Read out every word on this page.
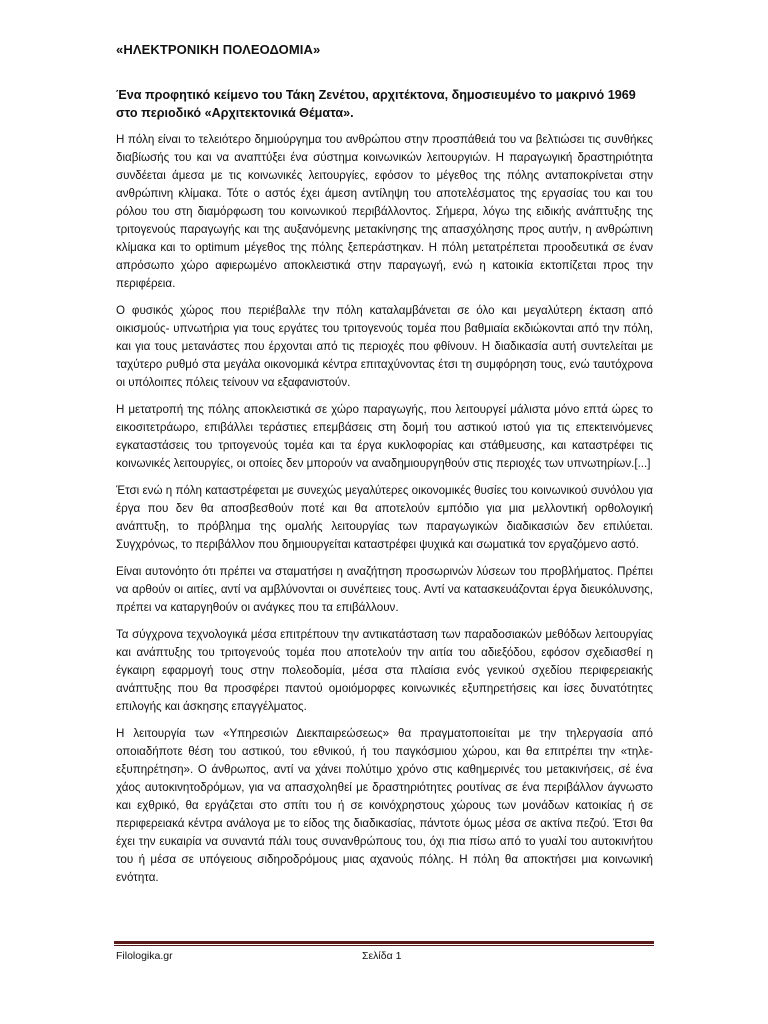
«ΗΛΕΚΤΡΟΝΙΚΗ ΠΟΛΕΟΔΟΜΙΑ»

Ένα προφητικό κείμενο του Τάκη Ζενέτου, αρχιτέκτονα, δημοσιευμένο το μακρινό 1969 στο περιοδικό «Αρχιτεκτονικά Θέματα».

Η πόλη είναι το τελειότερο δημιούργημα του ανθρώπου στην προσπάθειά του να βελτιώσει τις συνθήκες διαβίωσής του και να αναπτύξει ένα σύστημα κοινωνικών λειτουργιών. Η παραγωγική δραστηριότητα συνδέεται άμεσα με τις κοινωνικές λειτουργίες, εφόσον το μέγεθος της πόλης ανταποκρίνεται στην ανθρώπινη κλίμακα. Τότε ο αστός έχει άμεση αντίληψη του αποτελέσματος της εργασίας του και του ρόλου του στη διαμόρφωση του κοινωνικού περιβάλλοντος. Σήμερα, λόγω της ειδικής ανάπτυξης της τριτογενούς παραγωγής και της αυξανόμενης μετακίνησης της απασχόλησης προς αυτήν, η ανθρώπινη κλίμακα και το optimum μέγεθος της πόλης ξεπεράστηκαν. Η πόλη μετατρέπεται προοδευτικά σε έναν απρόσωπο χώρο αφιερωμένο αποκλειστικά στην παραγωγή, ενώ η κατοικία εκτοπίζεται προς την περιφέρεια.

Ο φυσικός χώρος που περιέβαλλε την πόλη καταλαμβάνεται σε όλο και μεγαλύτερη έκταση από οικισμούς- υπνωτήρια για τους εργάτες του τριτογενούς τομέα που βαθμιαία εκδιώκονται από την πόλη, και για τους μετανάστες που έρχονται από τις περιοχές που φθίνουν. Η διαδικασία αυτή συντελείται με ταχύτερο ρυθμό στα μεγάλα οικονομικά κέντρα επιταχύνοντας έτσι τη συμφόρηση τους, ενώ ταυτόχρονα οι υπόλοιπες πόλεις τείνουν να εξαφανιστούν.

Η μετατροπή της πόλης αποκλειστικά σε χώρο παραγωγής, που λειτουργεί μάλιστα μόνο επτά ώρες το εικοσιτετράωρο, επιβάλλει τεράστιες επεμβάσεις στη δομή του αστικού ιστού για τις επεκτεινόμενες εγκαταστάσεις του τριτογενούς τομέα και τα έργα κυκλοφορίας και στάθμευσης, και καταστρέφει τις κοινωνικές λειτουργίες, οι οποίες δεν μπορούν να αναδημιουργηθούν στις περιοχές των υπνωτηρίων.[...]

Έτσι ενώ η πόλη καταστρέφεται με συνεχώς μεγαλύτερες οικονομικές θυσίες του κοινωνικού συνόλου για έργα που δεν θα αποσβεσθούν ποτέ και θα αποτελούν εμπόδιο για μια μελλοντική ορθολογική ανάπτυξη, το πρόβλημα της ομαλής λειτουργίας των παραγωγικών διαδικασιών δεν επιλύεται. Συγχρόνως, το περιβάλλον που δημιουργείται καταστρέφει ψυχικά και σωματικά τον εργαζόμενο αστό.

Είναι αυτονόητο ότι πρέπει να σταματήσει η αναζήτηση προσωρινών λύσεων του προβλήματος. Πρέπει να αρθούν οι αιτίες, αντί να αμβλύνονται οι συνέπειες τους. Αντί να κατασκευάζονται έργα διευκόλυνσης, πρέπει να καταργηθούν οι ανάγκες που τα επιβάλλουν.

Τα σύγχρονα τεχνολογικά μέσα επιτρέπουν την αντικατάσταση των παραδοσιακών μεθόδων λειτουργίας και ανάπτυξης του τριτογενούς τομέα που αποτελούν την αιτία του αδιεξόδου, εφόσον σχεδιασθεί η έγκαιρη εφαρμογή τους στην πολεοδομία, μέσα στα πλαίσια ενός γενικού σχεδίου περιφερειακής ανάπτυξης που θα προσφέρει παντού ομοιόμορφες κοινωνικές εξυπηρετήσεις και ίσες δυνατότητες επιλογής και άσκησης επαγγέλματος.

Η λειτουργία των «Υπηρεσιών Διεκπαιρεώσεως» θα πραγματοποιείται με την τηλεργασία από οποιαδήποτε θέση του αστικού, του εθνικού, ή του παγκόσμιου χώρου, και θα επιτρέπει την «τηλε- εξυπηρέτηση». Ο άνθρωπος, αντί να χάνει πολύτιμο χρόνο στις καθημερινές του μετακινήσεις, σέ ένα χάος αυτοκινητοδρόμων, για να απασχοληθεί με δραστηριότητες ρουτίνας σε ένα περιβάλλον άγνωστο και εχθρικό, θα εργάζεται στο σπίτι του ή σε κοινόχρηστους χώρους των μονάδων κατοικίας ή σε περιφερειακά κέντρα ανάλογα με το είδος της διαδικασίας, πάντοτε όμως μέσα σε ακτίνα πεζού. Έτσι θα έχει την ευκαιρία να συναντά πάλι τους συνανθρώπους του, όχι πια πίσω από το γυαλί του αυτοκινήτου του ή μέσα σε υπόγειους σιδηροδρόμους μιας αχανούς πόλης. Η πόλη θα αποκτήσει μια κοινωνική ενότητα.

Filologika.gr	Σελίδα 1
